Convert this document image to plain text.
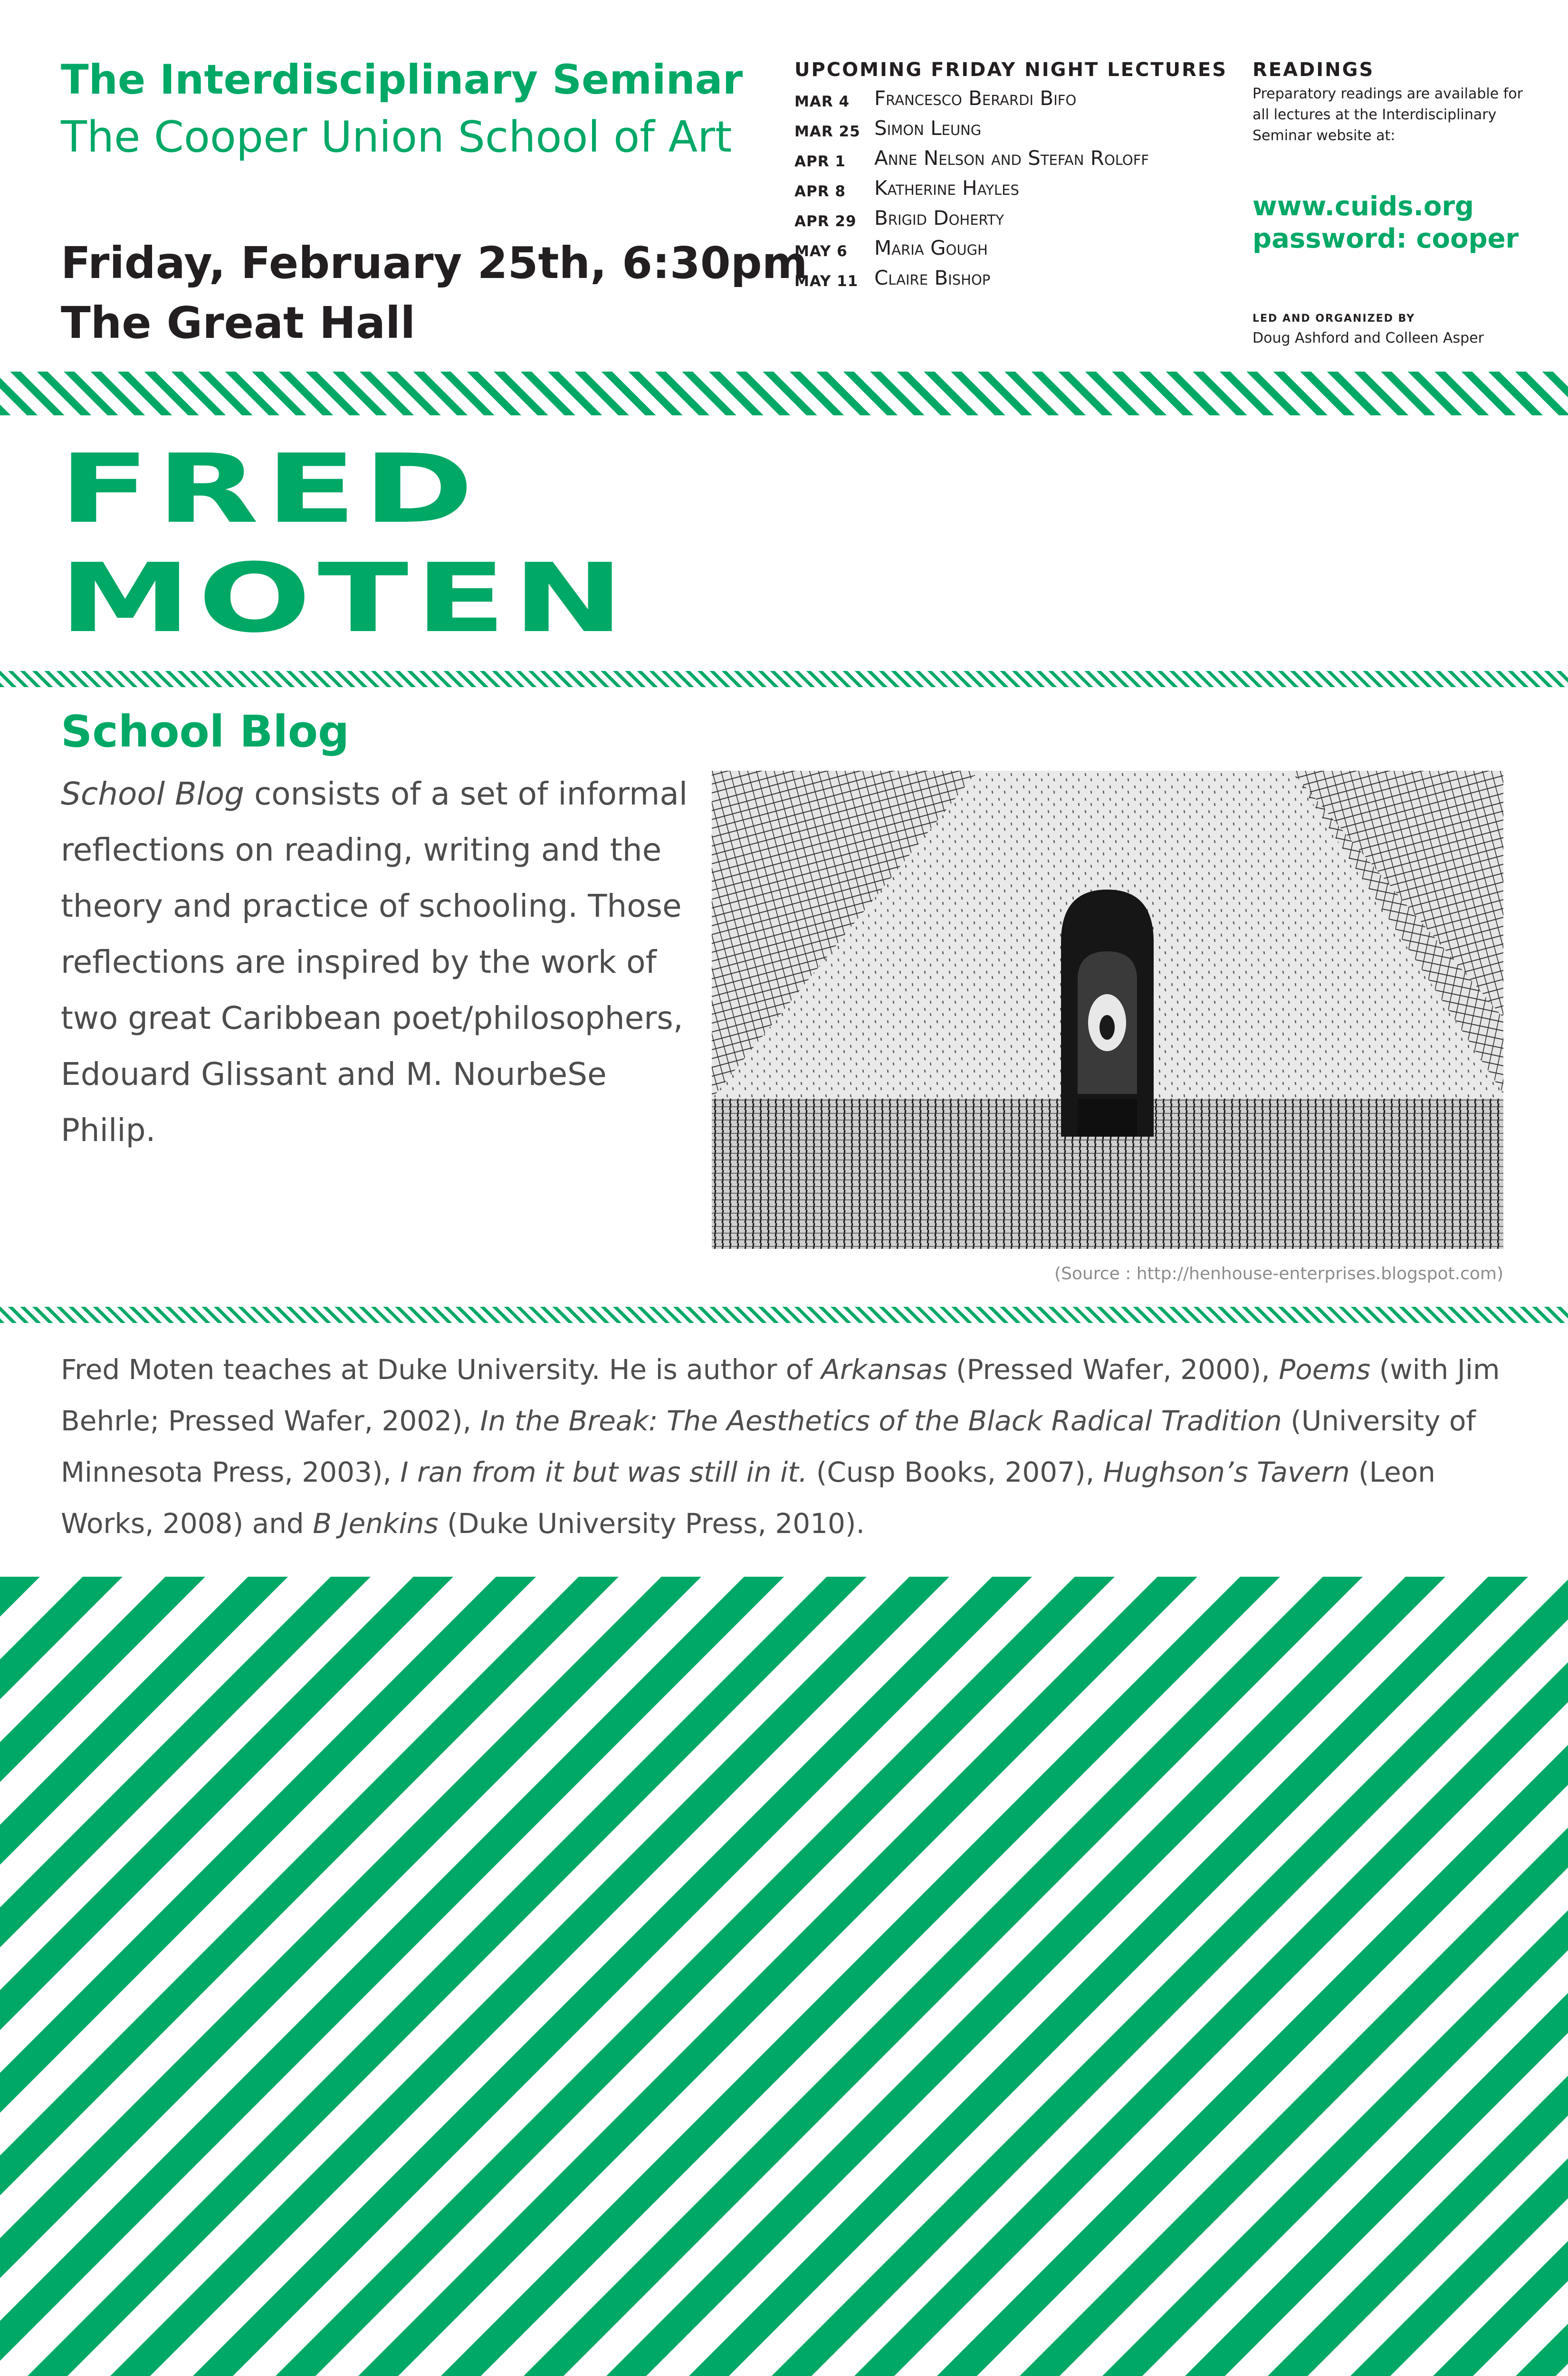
The Interdisciplinary Seminar
The Cooper Union School of Art
Friday, February 25th, 6:30pm
The Great Hall
UPCOMING FRIDAY NIGHT LECTURES
MAR 4 Francesco Berardi Bifo
MAR 25 Simon Leung
APR 1 Anne Nelson and Stefan Roloff
APR 8 Katherine Hayles
APR 29 Brigid Doherty
MAY 6 Maria Gough
MAY 11 Claire Bishop
READINGS
Preparatory readings are available for all lectures at the Interdisciplinary Seminar website at:
www.cuids.org
password: cooper
LED AND ORGANIZED BY
Doug Ashford and Colleen Asper
FRED
MOTEN
School Blog

School Blog consists of a set of informal reflections on reading, writing and the theory and practice of schooling. Those reflections are inspired by the work of two great Caribbean poet/philosophers, Edouard Glissant and M. NourbeSe Philip.

(Source : http://henhouse-enterprises.blogspot.com)

Fred Moten teaches at Duke University. He is author of Arkansas (Pressed Wafer, 2000), Poems (with Jim Behrle; Pressed Wafer, 2002), In the Break: The Aesthetics of the Black Radical Tradition (University of Minnesota Press, 2003), I ran from it but was still in it. (Cusp Books, 2007), Hughson’s Tavern (Leon Works, 2008) and B Jenkins (Duke University Press, 2010).
